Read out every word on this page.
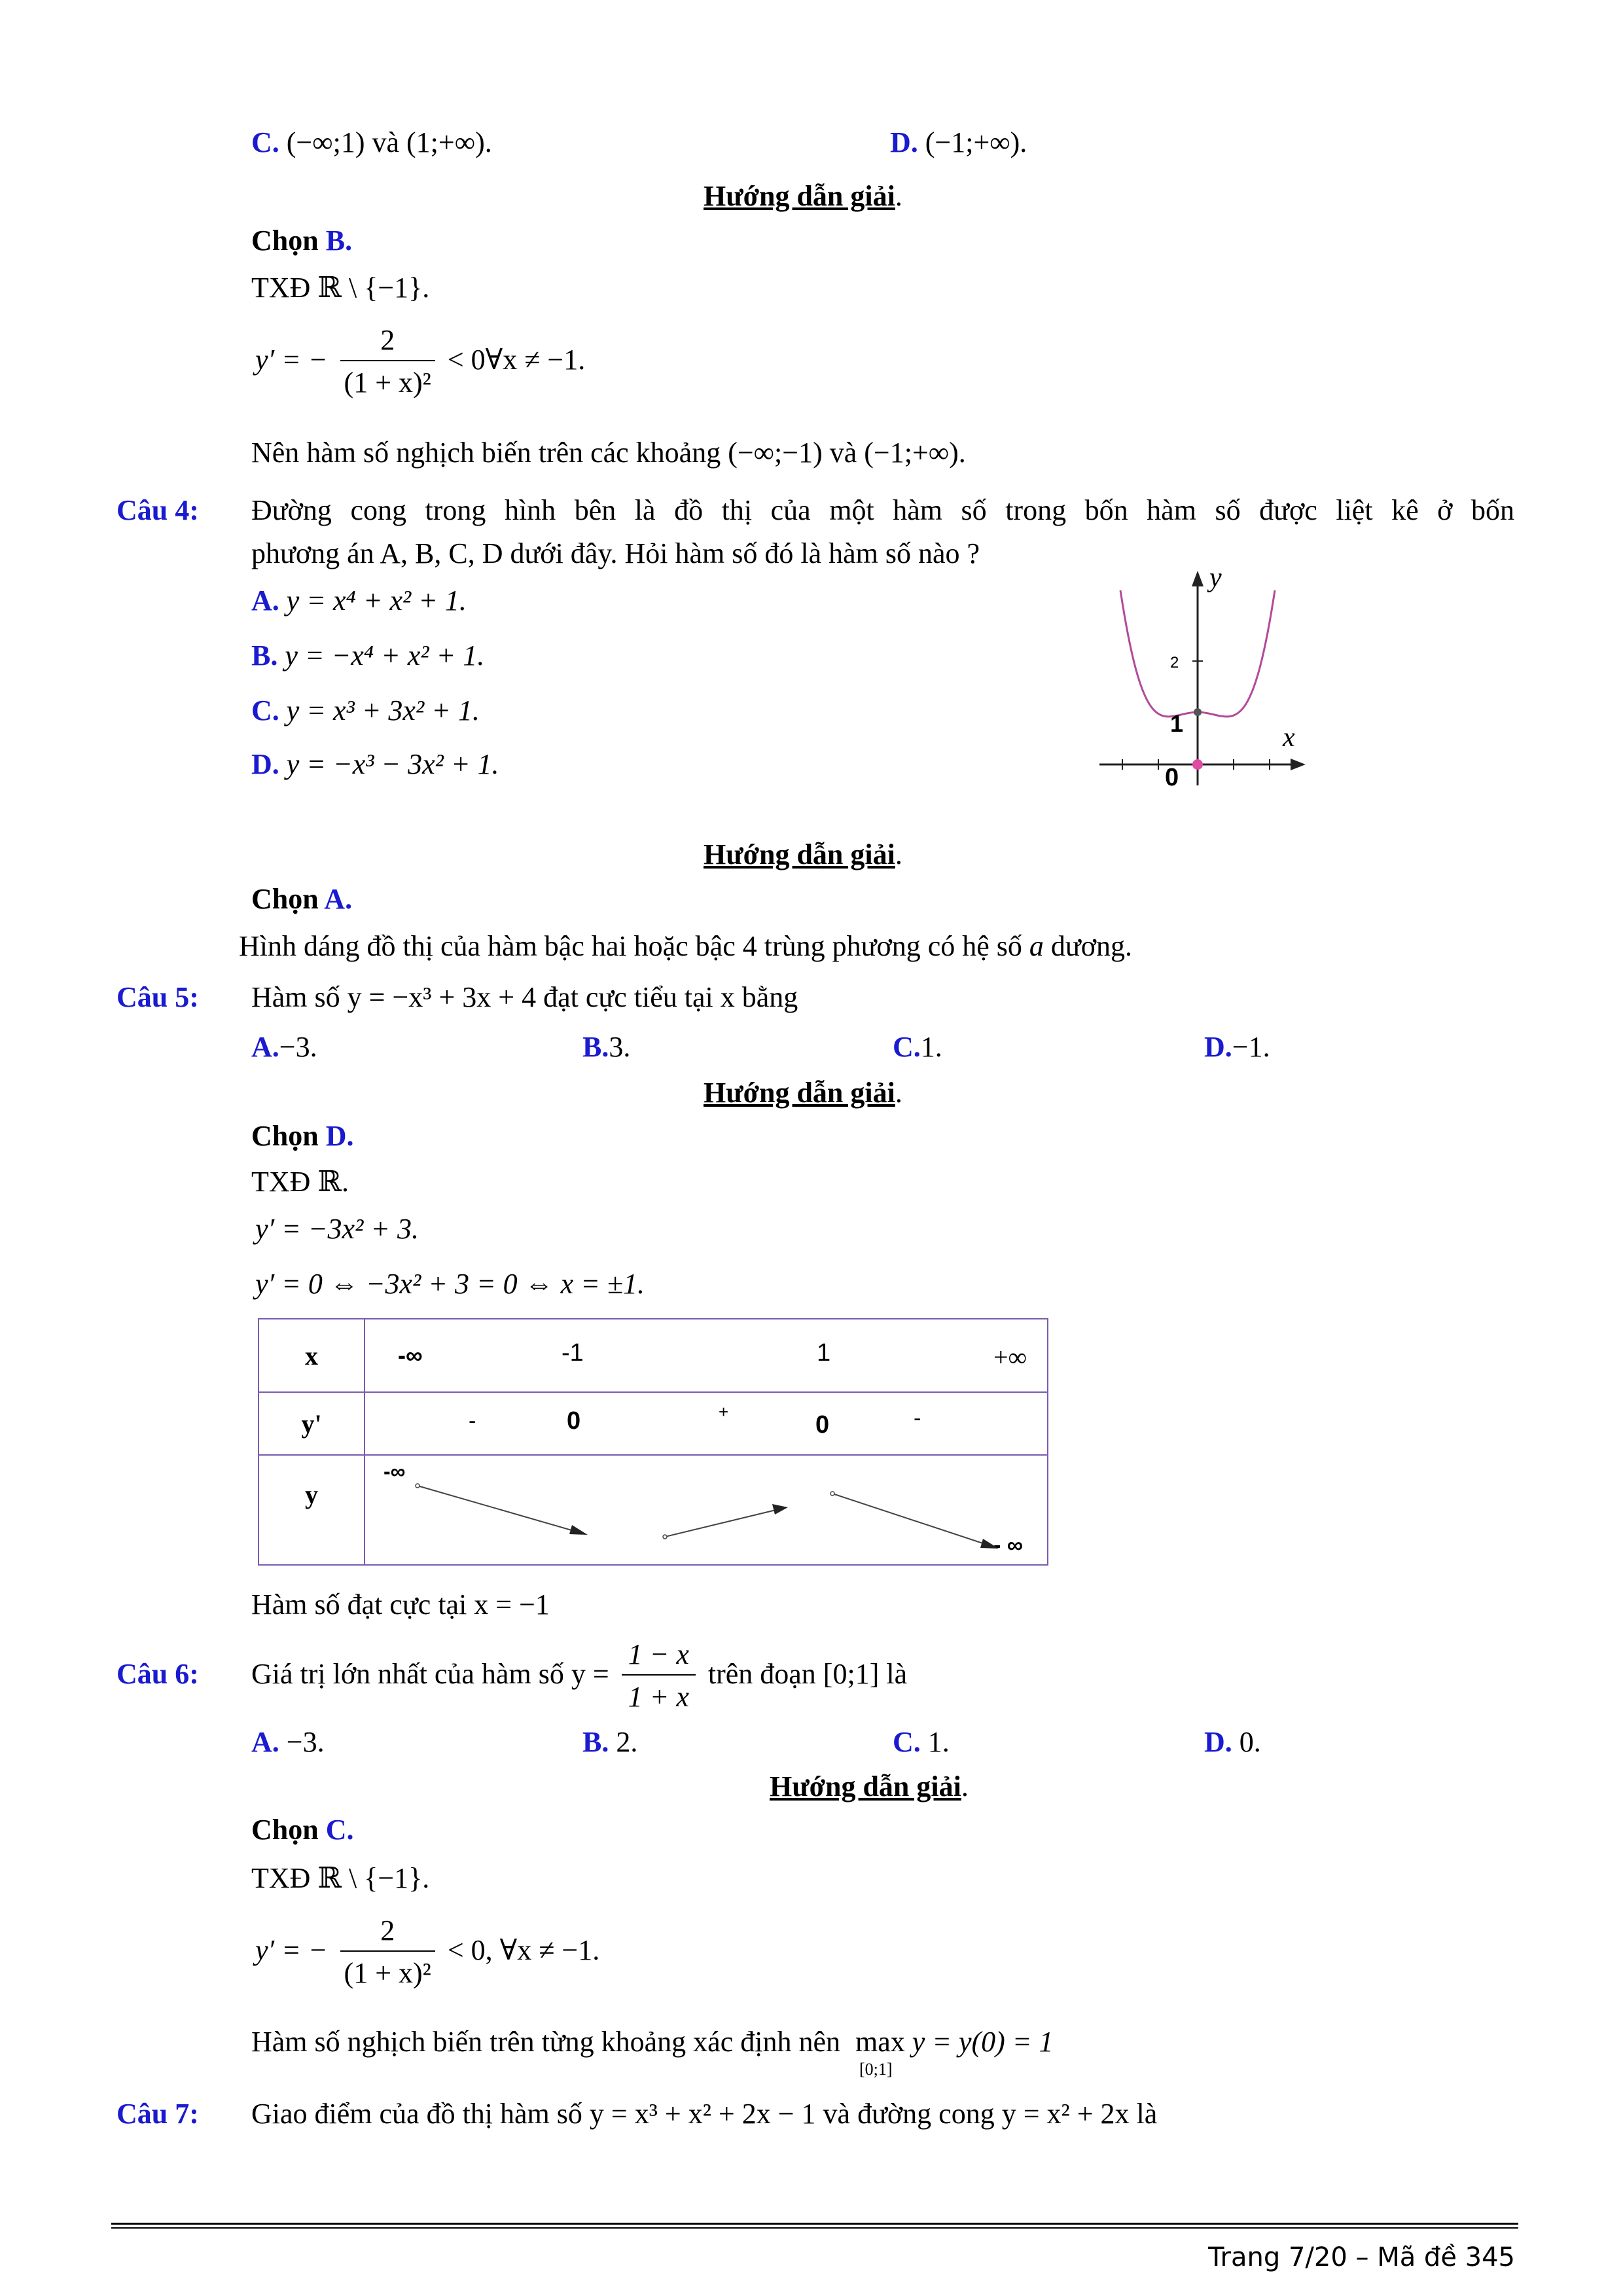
C. (−∞;1) và (1;+∞).	D. (−1;+∞).
Hướng dẫn giải.
Chọn B.
TXĐ ℝ \ {−1}.
y′ = − $\frac{2}{\text{(1 + x)²}}$ < 0∀x ≠ −1.
Nên hàm số nghịch biến trên các khoảng (−∞;−1) và (−1;+∞).
Câu 4: Đường cong trong hình bên là đồ thị của một hàm số trong bốn hàm số được liệt kê ở bốn
phương án A, B, C, D dưới đây. Hỏi hàm số đó là hàm số nào ?
A. y = x⁴ + x² + 1.
B. y = −x⁴ + x² + 1.
C. y = x³ + 3x² + 1.
D. y = −x³ − 3x² + 1.
y
x
2
1
0
Hướng dẫn giải.
Chọn A.
Hình dáng đồ thị của hàm bậc hai hoặc bậc 4 trùng phương có hệ số a dương.
Câu 5: Hàm số y = −x³ + 3x + 4 đạt cực tiểu tại x bằng
A.−3.	B.3.	C.1.	D.−1.
Hướng dẫn giải.
Chọn D.
TXĐ ℝ.
y′ = −3x² + 3.
y′ = 0 ⇔ −3x² + 3 = 0 ⇔ x = ±1.
x	-∞ -1 1 +∞

y'	- 0 + 0 -

y	-∞
- ∞
Hàm số đạt cực tại x = −1
Câu 6: Giá trị lớn nhất của hàm số $y = \frac{1 - x}{1 + x}$ trên đoạn [0;1] là
A. −3.	B. 2.	C. 1.	D. 0.
Hướng dẫn giải.
Chọn C.
TXĐ ℝ \ {−1}.
y′ = − $\frac{2}{\text{(1 + x)²}} < 0$, ∀x ≠ −1.
Hàm số nghịch biến trên từng khoảng xác định nên max
[0;1]
y = y(0) = 1
Câu 7: Giao điểm của đồ thị hàm số y = x³ + x² + 2x − 1 và đường cong y = x² + 2x là
Trang 7/20 – Mã đề 345
